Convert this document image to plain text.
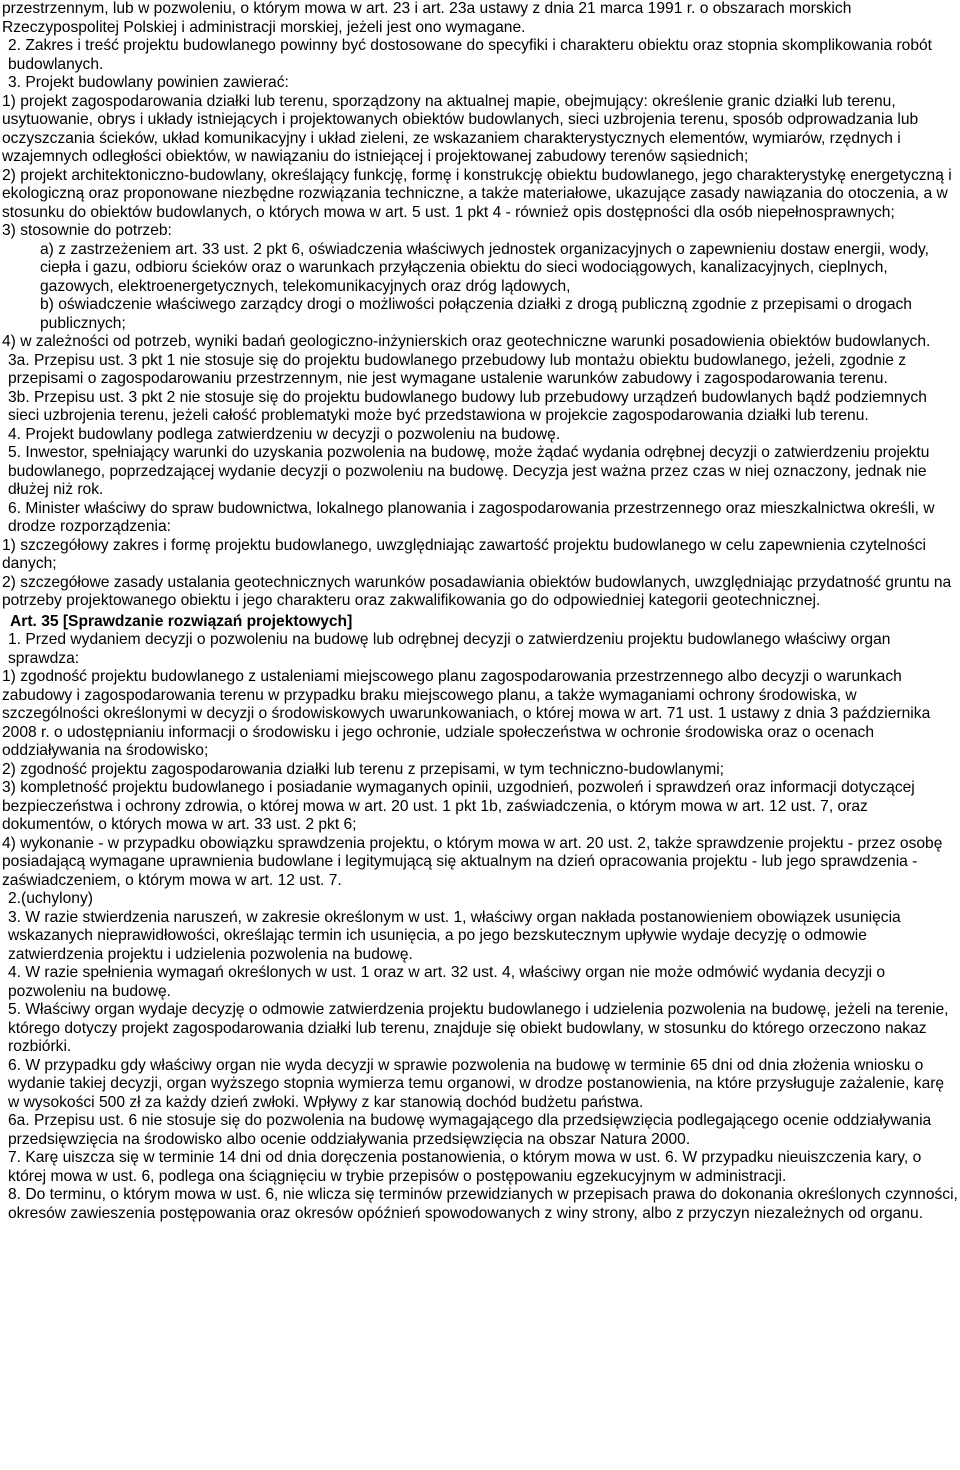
przestrzennym, lub w pozwoleniu, o którym mowa w art. 23 i art. 23a ustawy z dnia 21 marca 1991 r. o obszarach morskich Rzeczypospolitej Polskiej i administracji morskiej, jeżeli jest ono wymagane.

2. Zakres i treść projektu budowlanego powinny być dostosowane do specyfiki i charakteru obiektu oraz stopnia skomplikowania robót budowlanych.

3. Projekt budowlany powinien zawierać:

1) projekt zagospodarowania działki lub terenu, sporządzony na aktualnej mapie, obejmujący: określenie granic działki lub terenu, usytuowanie, obrys i układy istniejących i projektowanych obiektów budowlanych, sieci uzbrojenia terenu, sposób odprowadzania lub oczyszczania ścieków, układ komunikacyjny i układ zieleni, ze wskazaniem charakterystycznych elementów, wymiarów, rzędnych i wzajemnych odległości obiektów, w nawiązaniu do istniejącej i projektowanej zabudowy terenów sąsiednich;

2) projekt architektoniczno-budowlany, określający funkcję, formę i konstrukcję obiektu budowlanego, jego charakterystykę energetyczną i ekologiczną oraz proponowane niezbędne rozwiązania techniczne, a także materiałowe, ukazujące zasady nawiązania do otoczenia, a w stosunku do obiektów budowlanych, o których mowa w art. 5 ust. 1 pkt 4 - również opis dostępności dla osób niepełnosprawnych;

3) stosownie do potrzeb:

a) z zastrzeżeniem art. 33 ust. 2 pkt 6, oświadczenia właściwych jednostek organizacyjnych o zapewnieniu dostaw energii, wody, ciepła i gazu, odbioru ścieków oraz o warunkach przyłączenia obiektu do sieci wodociągowych, kanalizacyjnych, cieplnych, gazowych, elektroenergetycznych, telekomunikacyjnych oraz dróg lądowych,

b) oświadczenie właściwego zarządcy drogi o możliwości połączenia działki z drogą publiczną zgodnie z przepisami o drogach publicznych;

4) w zależności od potrzeb, wyniki badań geologiczno-inżynierskich oraz geotechniczne warunki posadowienia obiektów budowlanych.

3a. Przepisu ust. 3 pkt 1 nie stosuje się do projektu budowlanego przebudowy lub montażu obiektu budowlanego, jeżeli, zgodnie z przepisami o zagospodarowaniu przestrzennym, nie jest wymagane ustalenie warunków zabudowy i zagospodarowania terenu.

3b. Przepisu ust. 3 pkt 2 nie stosuje się do projektu budowlanego budowy lub przebudowy urządzeń budowlanych bądź podziemnych sieci uzbrojenia terenu, jeżeli całość problematyki może być przedstawiona w projekcie zagospodarowania działki lub terenu.

4. Projekt budowlany podlega zatwierdzeniu w decyzji o pozwoleniu na budowę.

5. Inwestor, spełniający warunki do uzyskania pozwolenia na budowę, może żądać wydania odrębnej decyzji o zatwierdzeniu projektu budowlanego, poprzedzającej wydanie decyzji o pozwoleniu na budowę. Decyzja jest ważna przez czas w niej oznaczony, jednak nie dłużej niż rok.

6. Minister właściwy do spraw budownictwa, lokalnego planowania i zagospodarowania przestrzennego oraz mieszkalnictwa określi, w drodze rozporządzenia:

1) szczegółowy zakres i formę projektu budowlanego, uwzględniając zawartość projektu budowlanego w celu zapewnienia czytelności danych;

2) szczegółowe zasady ustalania geotechnicznych warunków posadawiania obiektów budowlanych, uwzględniając przydatność gruntu na potrzeby projektowanego obiektu i jego charakteru oraz zakwalifikowania go do odpowiedniej kategorii geotechnicznej.

Art. 35 [Sprawdzanie rozwiązań projektowych]

1. Przed wydaniem decyzji o pozwoleniu na budowę lub odrębnej decyzji o zatwierdzeniu projektu budowlanego właściwy organ sprawdza:

1) zgodność projektu budowlanego z ustaleniami miejscowego planu zagospodarowania przestrzennego albo decyzji o warunkach zabudowy i zagospodarowania terenu w przypadku braku miejscowego planu, a także wymaganiami ochrony środowiska, w szczególności określonymi w decyzji o środowiskowych uwarunkowaniach, o której mowa w art. 71 ust. 1 ustawy z dnia 3 października 2008 r. o udostępnianiu informacji o środowisku i jego ochronie, udziale społeczeństwa w ochronie środowiska oraz o ocenach oddziaływania na środowisko;

2) zgodność projektu zagospodarowania działki lub terenu z przepisami, w tym techniczno-budowlanymi;

3) kompletność projektu budowlanego i posiadanie wymaganych opinii, uzgodnień, pozwoleń i sprawdzeń oraz informacji dotyczącej bezpieczeństwa i ochrony zdrowia, o której mowa w art. 20 ust. 1 pkt 1b, zaświadczenia, o którym mowa w art. 12 ust. 7, oraz dokumentów, o których mowa w art. 33 ust. 2 pkt 6;

4) wykonanie - w przypadku obowiązku sprawdzenia projektu, o którym mowa w art. 20 ust. 2, także sprawdzenie projektu - przez osobę posiadającą wymagane uprawnienia budowlane i legitymującą się aktualnym na dzień opracowania projektu - lub jego sprawdzenia - zaświadczeniem, o którym mowa w art. 12 ust. 7.

2.(uchylony)

3. W razie stwierdzenia naruszeń, w zakresie określonym w ust. 1, właściwy organ nakłada postanowieniem obowiązek usunięcia wskazanych nieprawidłowości, określając termin ich usunięcia, a po jego bezskutecznym upływie wydaje decyzję o odmowie zatwierdzenia projektu i udzielenia pozwolenia na budowę.

4. W razie spełnienia wymagań określonych w ust. 1 oraz w art. 32 ust. 4, właściwy organ nie może odmówić wydania decyzji o pozwoleniu na budowę.

5. Właściwy organ wydaje decyzję o odmowie zatwierdzenia projektu budowlanego i udzielenia pozwolenia na budowę, jeżeli na terenie, którego dotyczy projekt zagospodarowania działki lub terenu, znajduje się obiekt budowlany, w stosunku do którego orzeczono nakaz rozbiórki.

6. W przypadku gdy właściwy organ nie wyda decyzji w sprawie pozwolenia na budowę w terminie 65 dni od dnia złożenia wniosku o wydanie takiej decyzji, organ wyższego stopnia wymierza temu organowi, w drodze postanowienia, na które przysługuje zażalenie, karę w wysokości 500 zł za każdy dzień zwłoki. Wpływy z kar stanowią dochód budżetu państwa.

6a. Przepisu ust. 6 nie stosuje się do pozwolenia na budowę wymagającego dla przedsięwzięcia podlegającego ocenie oddziaływania przedsięwzięcia na środowisko albo ocenie oddziaływania przedsięwzięcia na obszar Natura 2000.

7. Karę uiszcza się w terminie 14 dni od dnia doręczenia postanowienia, o którym mowa w ust. 6. W przypadku nieuiszczenia kary, o której mowa w ust. 6, podlega ona ściągnięciu w trybie przepisów o postępowaniu egzekucyjnym w administracji.

8. Do terminu, o którym mowa w ust. 6, nie wlicza się terminów przewidzianych w przepisach prawa do dokonania określonych czynności, okresów zawieszenia postępowania oraz okresów opóźnień spowodowanych z winy strony, albo z przyczyn niezależnych od organu.
